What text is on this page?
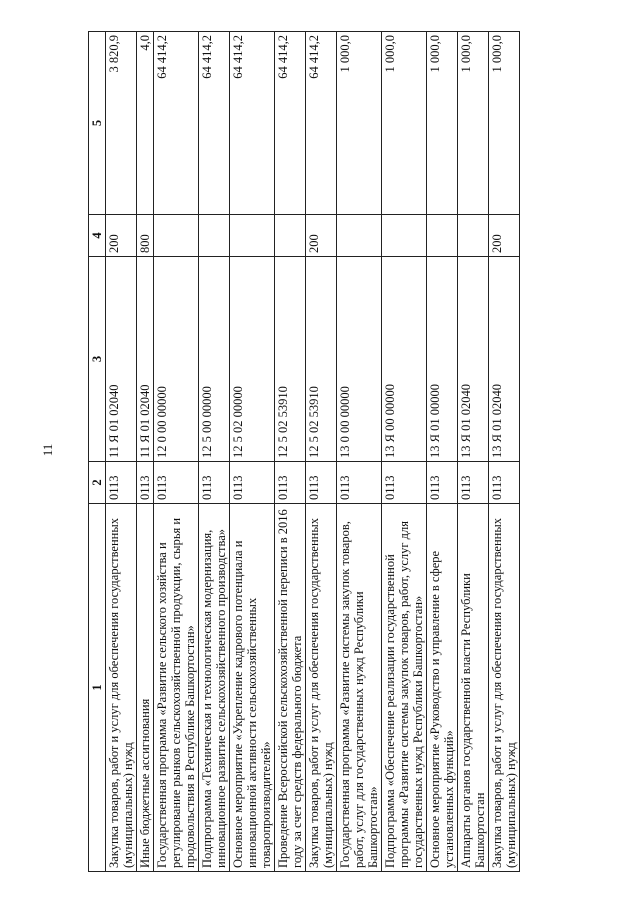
11
1	2	3	4	5
Закупка товаров, работ и услуг для обеспечения государственных (муниципальных) нужд	0113	11 Я 01 02040	200	3 820,9
Иные бюджетные ассигнования	0113	11 Я 01 02040	800	4,0
Государственная программа «Развитие сельского хозяйства и регулирование рынков сельскохозяйственной продукции, сырья и продовольствия в Республике Башкортостан»	0113	12 0 00 00000		64 414,2
Подпрограмма «Техническая и технологическая модернизация, инновационное развитие сельскохозяйственного производства»	0113	12 5 00 00000		64 414,2
Основное мероприятие «Укрепление кадрового потенциала и инновационной активности сельскохозяйственных товаропроизводителей»	0113	12 5 02 00000		64 414,2
Проведение Всероссийской сельскохозяйственной переписи в 2016 году за счет средств федерального бюджета	0113	12 5 02 53910		64 414,2
Закупка товаров, работ и услуг для обеспечения государственных (муниципальных) нужд	0113	12 5 02 53910	200	64 414,2
Государственная программа «Развитие системы закупок товаров, работ, услуг для государственных нужд Республики Башкортостан»	0113	13 0 00 00000		1 000,0
Подпрограмма «Обеспечение реализации государственной программы «Развитие системы закупок товаров, работ, услуг для государственных нужд Республики Башкортостан»	0113	13 Я 00 00000		1 000,0
Основное мероприятие «Руководство и управление в сфере установленных функций»	0113	13 Я 01 00000		1 000,0
Аппараты органов государственной власти Республики Башкортостан	0113	13 Я 01 02040		1 000,0
Закупка товаров, работ и услуг для обеспечения государственных (муниципальных) нужд	0113	13 Я 01 02040	200	1 000,0
